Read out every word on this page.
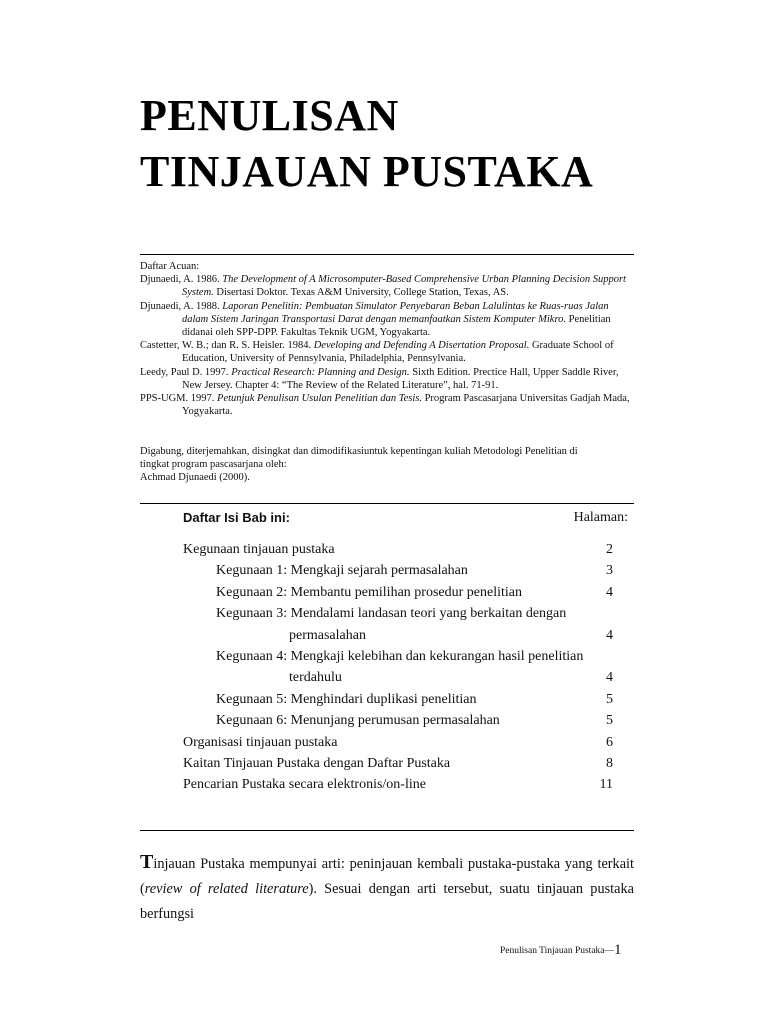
PENULISAN
TINJAUAN PUSTAKA
Daftar Acuan:
Djunaedi, A. 1986. The Development of A Microsomputer-Based Comprehensive Urban Planning Decision Support System. Disertasi Doktor. Texas A&M University, College Station, Texas, AS.
Djunaedi, A. 1988. Laporan Penelitin: Pembuatan Simulator Penyebaran Beban Lalulintas ke Ruas-ruas Jalan dalam Sistem Jaringan Transportasi Darat dengan memanfaatkan Sistem Komputer Mikro. Penelitian didanai oleh SPP-DPP. Fakultas Teknik UGM, Yogyakarta.
Castetter, W. B.; dan R. S. Heisler. 1984. Developing and Defending A Disertation Proposal. Graduate School of Education, University of Pennsylvania, Philadelphia, Pennsylvania.
Leedy, Paul D. 1997. Practical Research: Planning and Design. Sixth Edition. Prectice Hall, Upper Saddle River, New Jersey. Chapter 4: “The Review of the Related Literature”, hal. 71-91.
PPS-UGM. 1997. Petunjuk Penulisan Usulan Penelitian dan Tesis. Program Pascasarjana Universitas Gadjah Mada, Yogyakarta.
Digabung, diterjemahkan, disingkat dan dimodifikasiuntuk kepentingan kuliah Metodologi Penelitian di
tingkat program pascasarjana oleh:
Achmad Djunaedi (2000).
Daftar Isi Bab ini:	Halaman:
Kegunaan tinjauan pustaka	2
Kegunaan 1: Mengkaji sejarah permasalahan	3
Kegunaan 2: Membantu pemilihan prosedur penelitian	4
Kegunaan 3: Mendalami landasan teori yang berkaitan dengan
permasalahan	4
Kegunaan 4: Mengkaji kelebihan dan kekurangan hasil penelitian
terdahulu	4
Kegunaan 5: Menghindari duplikasi penelitian	5
Kegunaan 6: Menunjang perumusan permasalahan	5
Organisasi tinjauan pustaka	6
Kaitan Tinjauan Pustaka dengan Daftar Pustaka	8
Pencarian Pustaka secara elektronis/on-line	11
Tinjauan Pustaka mempunyai arti: peninjauan kembali pustaka-pustaka yang terkait (review of related literature). Sesuai dengan arti tersebut, suatu tinjauan pustaka berfungsi
Penulisan Tinjauan Pustaka—1
